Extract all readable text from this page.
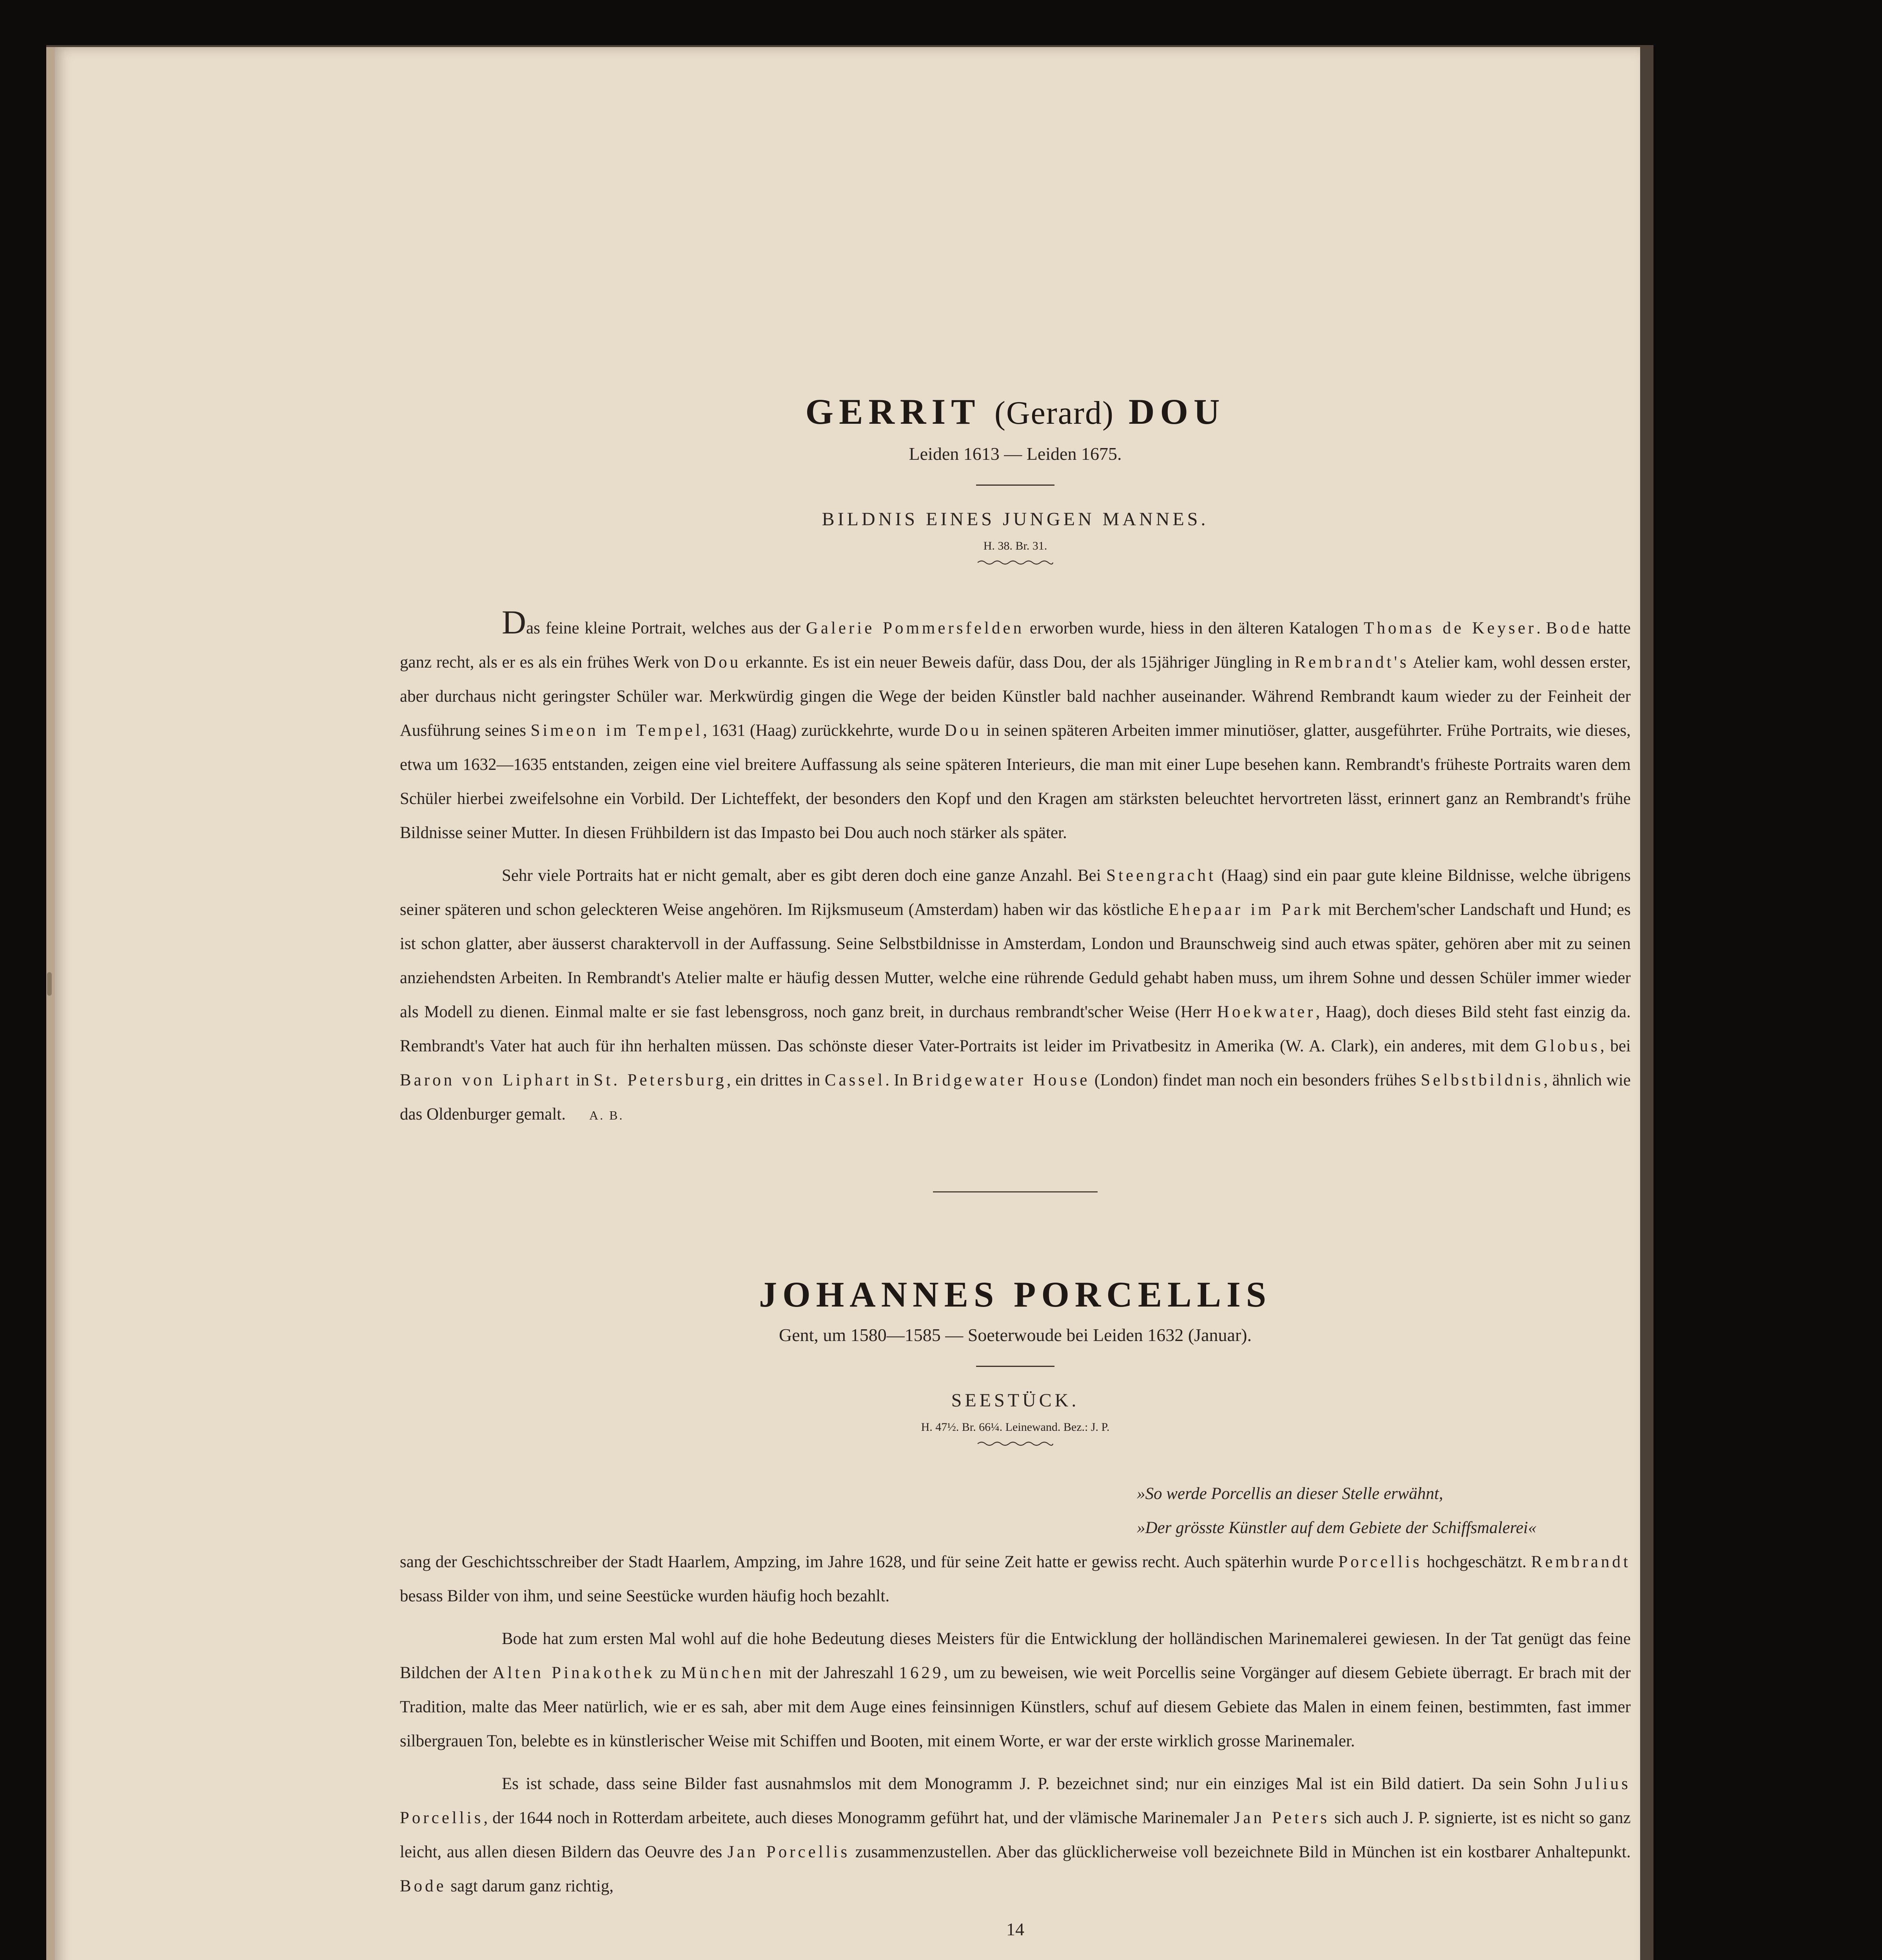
GERRIT (Gerard) DOU

Leiden 1613 — Leiden 1675.

BILDNIS EINES JUNGEN MANNES.

H. 38. Br. 31.

Das feine kleine Portrait, welches aus der Galerie Pommersfelden erworben wurde, hiess in den älteren Katalogen Thomas de Keyser. Bode hatte ganz recht, als er es als ein frühes Werk von Dou erkannte. Es ist ein neuer Beweis dafür, dass Dou, der als 15jähriger Jüngling in Rembrandt's Atelier kam, wohl dessen erster, aber durchaus nicht geringster Schüler war. Merkwürdig gingen die Wege der beiden Künstler bald nachher auseinander. Während Rembrandt kaum wieder zu der Feinheit der Ausführung seines Simeon im Tempel, 1631 (Haag) zurückkehrte, wurde Dou in seinen späteren Arbeiten immer minutiöser, glatter, ausgeführter. Frühe Portraits, wie dieses, etwa um 1632—1635 entstanden, zeigen eine viel breitere Auffassung als seine späteren Interieurs, die man mit einer Lupe besehen kann. Rembrandt's früheste Portraits waren dem Schüler hierbei zweifelsohne ein Vorbild. Der Lichteffekt, der besonders den Kopf und den Kragen am stärksten beleuchtet hervortreten lässt, erinnert ganz an Rembrandt's frühe Bildnisse seiner Mutter. In diesen Frühbildern ist das Impasto bei Dou auch noch stärker als später.

Sehr viele Portraits hat er nicht gemalt, aber es gibt deren doch eine ganze Anzahl. Bei Steengracht (Haag) sind ein paar gute kleine Bildnisse, welche übrigens seiner späteren und schon geleckteren Weise angehören. Im Rijksmuseum (Amsterdam) haben wir das köstliche Ehepaar im Park mit Berchem'scher Landschaft und Hund; es ist schon glatter, aber äusserst charaktervoll in der Auffassung. Seine Selbstbildnisse in Amsterdam, London und Braunschweig sind auch etwas später, gehören aber mit zu seinen anziehendsten Arbeiten. In Rembrandt's Atelier malte er häufig dessen Mutter, welche eine rührende Geduld gehabt haben muss, um ihrem Sohne und dessen Schüler immer wieder als Modell zu dienen. Einmal malte er sie fast lebensgross, noch ganz breit, in durchaus rembrandt'scher Weise (Herr Hoekwater, Haag), doch dieses Bild steht fast einzig da. Rembrandt's Vater hat auch für ihn herhalten müssen. Das schönste dieser Vater-Portraits ist leider im Privatbesitz in Amerika (W. A. Clark), ein anderes, mit dem Globus, bei Baron von Liphart in St. Petersburg, ein drittes in Cassel. In Bridgewater House (London) findet man noch ein besonders frühes Selbstbildnis, ähnlich wie das Oldenburger gemalt. A. B.

JOHANNES PORCELLIS

Gent, um 1580—1585 — Soeterwoude bei Leiden 1632 (Januar).

SEESTÜCK.

H. 47½. Br. 66¼. Leinewand. Bez.: J. P.

»So werde Porcellis an dieser Stelle erwähnt,

»Der grösste Künstler auf dem Gebiete der Schiffsmalerei«

sang der Geschichtsschreiber der Stadt Haarlem, Ampzing, im Jahre 1628, und für seine Zeit hatte er gewiss recht. Auch späterhin wurde Porcellis hochgeschätzt. Rembrandt besass Bilder von ihm, und seine Seestücke wurden häufig hoch bezahlt.

Bode hat zum ersten Mal wohl auf die hohe Bedeutung dieses Meisters für die Entwicklung der holländischen Marinemalerei gewiesen. In der Tat genügt das feine Bildchen der Alten Pinakothek zu München mit der Jahreszahl 1629, um zu beweisen, wie weit Porcellis seine Vorgänger auf diesem Gebiete überragt. Er brach mit der Tradition, malte das Meer natürlich, wie er es sah, aber mit dem Auge eines feinsinnigen Künstlers, schuf auf diesem Gebiete das Malen in einem feinen, bestimmten, fast immer silbergrauen Ton, belebte es in künstlerischer Weise mit Schiffen und Booten, mit einem Worte, er war der erste wirklich grosse Marinemaler.

Es ist schade, dass seine Bilder fast ausnahmslos mit dem Monogramm J. P. bezeichnet sind; nur ein einziges Mal ist ein Bild datiert. Da sein Sohn Julius Porcellis, der 1644 noch in Rotterdam arbeitete, auch dieses Monogramm geführt hat, und der vlämische Marinemaler Jan Peters sich auch J. P. signierte, ist es nicht so ganz leicht, aus allen diesen Bildern das Oeuvre des Jan Porcellis zusammenzustellen. Aber das glücklicherweise voll bezeichnete Bild in München ist ein kostbarer Anhaltepunkt. Bode sagt darum ganz richtig,

14
